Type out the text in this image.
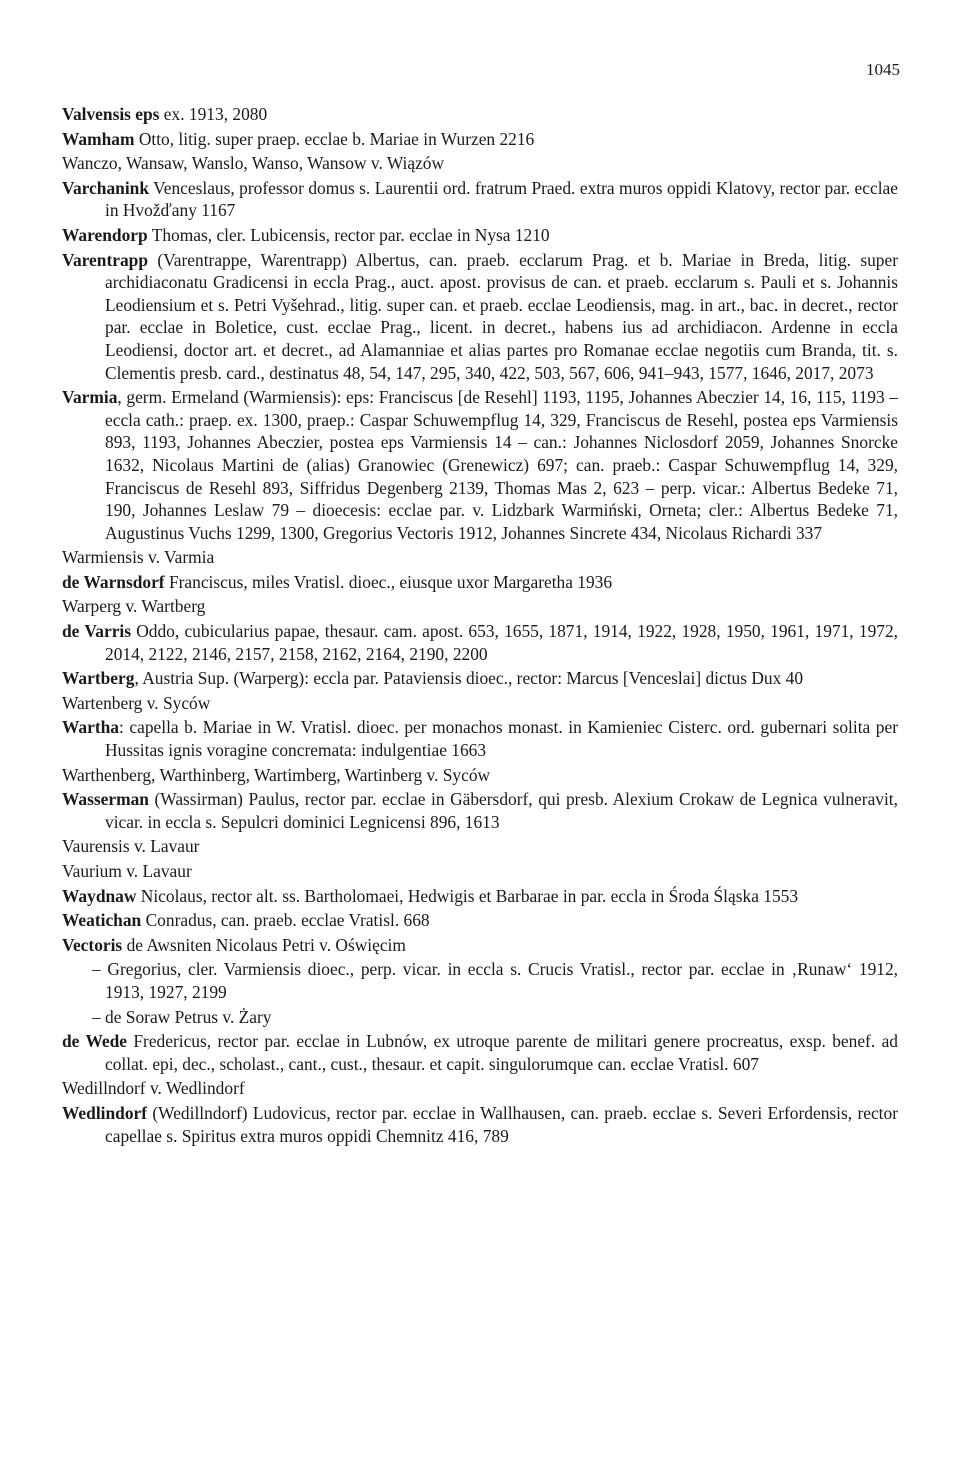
1045

Valvensis eps ex. 1913, 2080

Wamham Otto, litig. super praep. ecclae b. Mariae in Wurzen 2216

Wanczo, Wansaw, Wanslo, Wanso, Wansow v. Wiązów

Varchanink Venceslaus, professor domus s. Laurentii ord. fratrum Praed. extra muros oppidi Klatovy, rector par. ecclae in Hvožďany 1167

Warendorp Thomas, cler. Lubicensis, rector par. ecclae in Nysa 1210

Varentrapp (Varentrappe, Warentrapp) Albertus, can. praeb. ecclarum Prag. et b. Mariae in Breda, litig. super archidiaconatu Gradicensi in eccla Prag., auct. apost. provisus de can. et praeb. ecclarum s. Pauli et s. Johannis Leodiensium et s. Petri Vyšehrad., litig. super can. et praeb. ecclae Leodiensis, mag. in art., bac. in decret., rector par. ecclae in Boletice, cust. ecclae Prag., licent. in decret., habens ius ad archidiacon. Ardenne in eccla Leodiensi, doctor art. et decret., ad Alamanniae et alias partes pro Romanae ecclae negotiis cum Branda, tit. s. Clementis presb. card., destinatus 48, 54, 147, 295, 340, 422, 503, 567, 606, 941–943, 1577, 1646, 2017, 2073

Varmia, germ. Ermeland (Warmiensis): eps: Franciscus [de Resehl] 1193, 1195, Johannes Abeczier 14, 16, 115, 1193 – eccla cath.: praep. ex. 1300, praep.: Caspar Schuwempflug 14, 329, Franciscus de Resehl, postea eps Varmiensis 893, 1193, Johannes Abeczier, postea eps Varmiensis 14 – can.: Johannes Niclosdorf 2059, Johannes Snorcke 1632, Nicolaus Martini de (alias) Granowiec (Grenewicz) 697; can. praeb.: Caspar Schuwempflug 14, 329, Franciscus de Resehl 893, Siffridus Degenberg 2139, Thomas Mas 2, 623 – perp. vicar.: Albertus Bedeke 71, 190, Johannes Leslaw 79 – dioecesis: ecclae par. v. Lidzbark Warmiński, Orneta; cler.: Albertus Bedeke 71, Augustinus Vuchs 1299, 1300, Gregorius Vectoris 1912, Johannes Sincrete 434, Nicolaus Richardi 337

Warmiensis v. Varmia

de Warnsdorf Franciscus, miles Vratisl. dioec., eiusque uxor Margaretha 1936

Warperg v. Wartberg

de Varris Oddo, cubicularius papae, thesaur. cam. apost. 653, 1655, 1871, 1914, 1922, 1928, 1950, 1961, 1971, 1972, 2014, 2122, 2146, 2157, 2158, 2162, 2164, 2190, 2200

Wartberg, Austria Sup. (Warperg): eccla par. Pataviensis dioec., rector: Marcus [Venceslai] dictus Dux 40

Wartenberg v. Syców

Wartha: capella b. Mariae in W. Vratisl. dioec. per monachos monast. in Kamieniec Cisterc. ord. gubernari solita per Hussitas ignis voragine concremata: indulgentiae 1663

Warthenberg, Warthinberg, Wartimberg, Wartinberg v. Syców

Wasserman (Wassirman) Paulus, rector par. ecclae in Gäbersdorf, qui presb. Alexium Crokaw de Legnica vulneravit, vicar. in eccla s. Sepulcri dominici Legnicensi 896, 1613

Vaurensis v. Lavaur

Vaurium v. Lavaur

Waydnaw Nicolaus, rector alt. ss. Bartholomaei, Hedwigis et Barbarae in par. eccla in Środa Śląska 1553

Weatichan Conradus, can. praeb. ecclae Vratisl. 668

Vectoris de Awsniten Nicolaus Petri v. Oświęcim

– Gregorius, cler. Varmiensis dioec., perp. vicar. in eccla s. Crucis Vratisl., rector par. ecclae in ‚Runaw‘ 1912, 1913, 1927, 2199

– de Soraw Petrus v. Żary

de Wede Fredericus, rector par. ecclae in Lubnów, ex utroque parente de militari genere procreatus, exsp. benef. ad collat. epi, dec., scholast., cant., cust., thesaur. et capit. singulorumque can. ecclae Vratisl. 607

Wedillndorf v. Wedlindorf

Wedlindorf (Wedillndorf) Ludovicus, rector par. ecclae in Wallhausen, can. praeb. ecclae s. Severi Erfordensis, rector capellae s. Spiritus extra muros oppidi Chemnitz 416, 789
